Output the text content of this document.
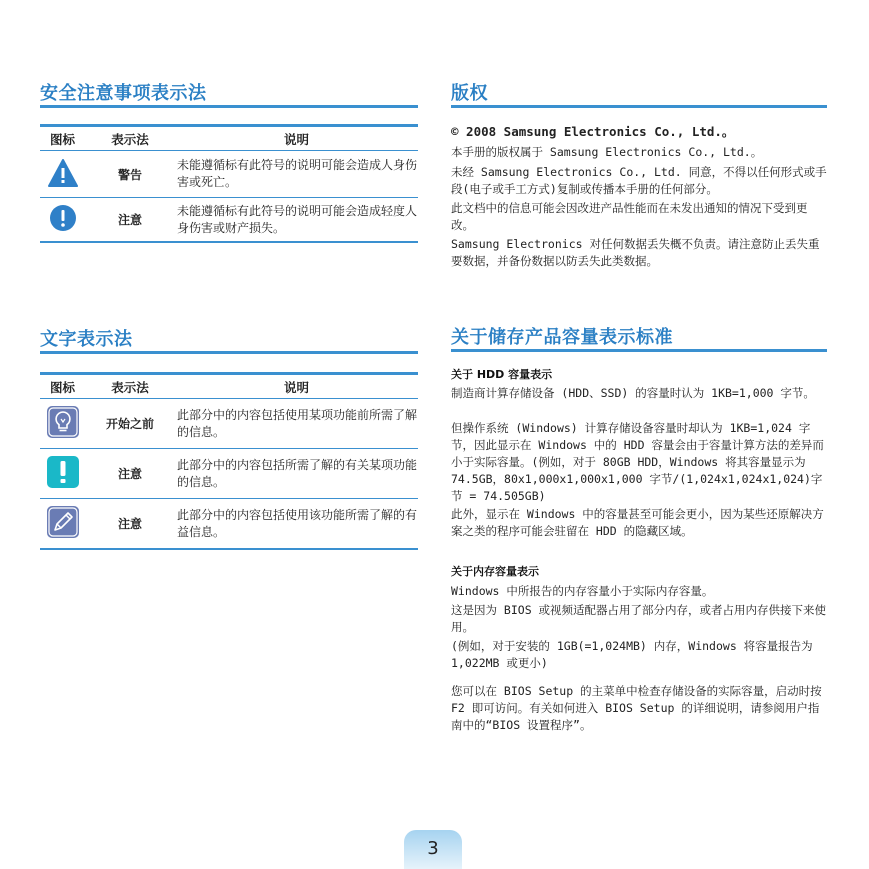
安全注意事项表示法
图标	表示法	说明
	警告	未能遵循标有此符号的说明可能会造成人身伤害或死亡。

	注意	未能遵循标有此符号的说明可能会造成轻度人身伤害或财产损失。
文字表示法
图标	表示法	说明
	开始之前	此部分中的内容包括使用某项功能前所需了解的信息。

	注意	此部分中的内容包括所需了解的有关某项功能的信息。

	注意	此部分中的内容包括使用该功能所需了解的有益信息。
版权

© 2008 Samsung Electronics Co., Ltd.。

本手册的版权属于 Samsung Electronics Co., Ltd.。

未经 Samsung Electronics Co., Ltd. 同意，不得以任何形式或手段(电子或手工方式)复制或传播本手册的任何部分。

此文档中的信息可能会因改进产品性能而在未发出通知的情况下受到更改。

Samsung Electronics 对任何数据丢失概不负责。请注意防止丢失重要数据，并备份数据以防丢失此类数据。

关于储存产品容量表示标准

关于 HDD 容量表示

制造商计算存储设备 (HDD、SSD) 的容量时认为 1KB=1,000 字节。

但操作系统 (Windows) 计算存储设备容量时却认为 1KB=1,024 字节，因此显示在 Windows 中的 HDD 容量会由于容量计算方法的差异而小于实际容量。(例如，对于 80GB HDD，Windows 将其容量显示为 74.5GB，80x1,000x1,000x1,000 字节/(1,024x1,024x1,024)字节 = 74.505GB)

此外，显示在 Windows 中的容量甚至可能会更小，因为某些还原解决方案之类的程序可能会驻留在 HDD 的隐藏区域。

关于内存容量表示

Windows 中所报告的内存容量小于实际内存容量。

这是因为 BIOS 或视频适配器占用了部分内存，或者占用内存供接下来使用。

(例如，对于安装的 1GB(=1,024MB) 内存，Windows 将容量报告为 1,022MB 或更小)

您可以在 BIOS Setup 的主菜单中检查存储设备的实际容量，启动时按 F2 即可访问。有关如何进入 BIOS Setup 的详细说明，请参阅用户指南中的“BIOS 设置程序”。

3
